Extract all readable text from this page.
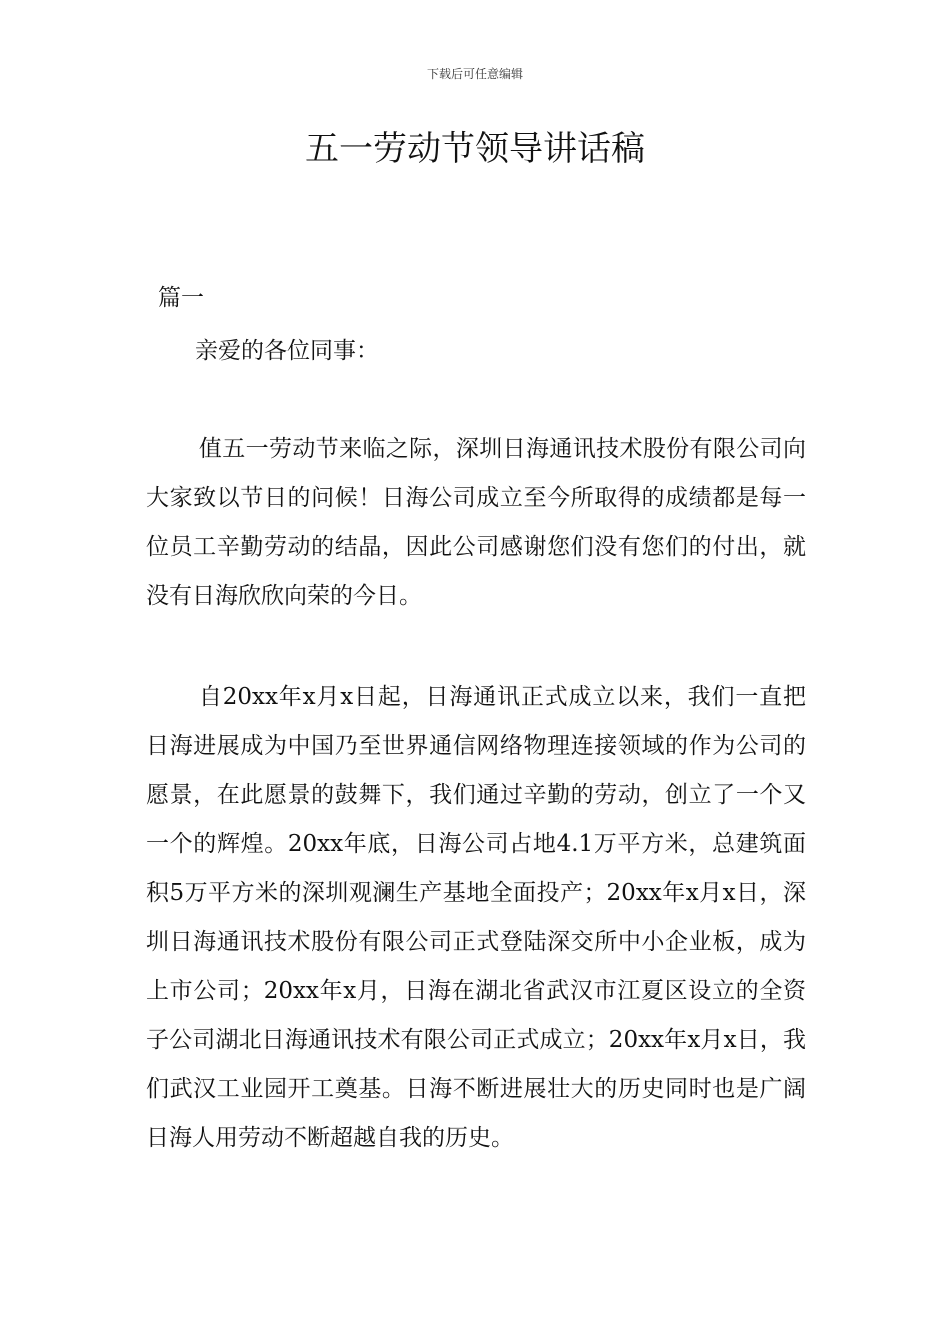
下载后可任意编辑
五一劳动节领导讲话稿
篇一
亲爱的各位同事：

值五一劳动节来临之际，深圳日海通讯技术股份有限公司向大家致以节日的问候！日海公司成立至今所取得的成绩都是每一位员工辛勤劳动的结晶，因此公司感谢您们没有您们的付出，就没有日海欣欣向荣的今日。

自20xx年x月x日起，日海通讯正式成立以来，我们一直把日海进展成为中国乃至世界通信网络物理连接领域的作为公司的愿景，在此愿景的鼓舞下，我们通过辛勤的劳动，创立了一个又一个的辉煌。20xx年底，日海公司占地4.1万平方米，总建筑面积5万平方米的深圳观澜生产基地全面投产；20xx年x月x日，深圳日海通讯技术股份有限公司正式登陆深交所中小企业板，成为上市公司；20xx年x月，日海在湖北省武汉市江夏区设立的全资子公司湖北日海通讯技术有限公司正式成立；20xx年x月x日，我们武汉工业园开工奠基。日海不断进展壮大的历史同时也是广阔日海人用劳动不断超越自我的历史。
